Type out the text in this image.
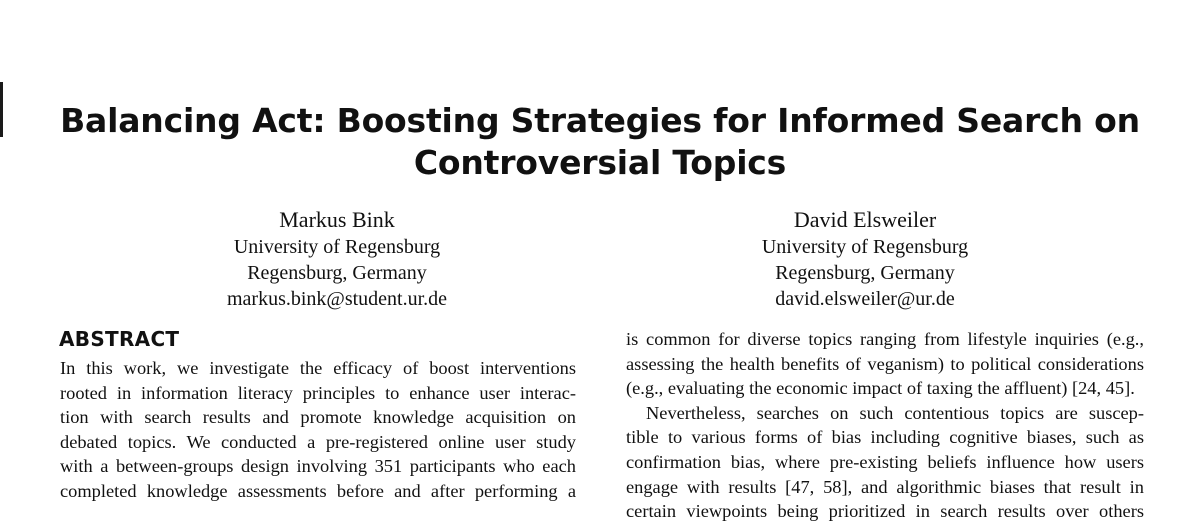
Balancing Act: Boosting Strategies for Informed Search on
Controversial Topics
Markus Bink
University of Regensburg
Regensburg, Germany
markus.bink@student.ur.de
David Elsweiler
University of Regensburg
Regensburg, Germany
david.elsweiler@ur.de
ABSTRACT
In this work, we investigate the efficacy of boost interventions
rooted in information literacy principles to enhance user interac-
tion with search results and promote knowledge acquisition on
debated topics. We conducted a pre-registered online user study
with a between-groups design involving 351 participants who each
completed knowledge assessments before and after performing a
is common for diverse topics ranging from lifestyle inquiries (e.g.,
assessing the health benefits of veganism) to political considerations
(e.g., evaluating the economic impact of taxing the affluent) [24, 45].
Nevertheless, searches on such contentious topics are suscep-
tible to various forms of bias including cognitive biases, such as
confirmation bias, where pre-existing beliefs influence how users
engage with results [47, 58], and algorithmic biases that result in
certain viewpoints being prioritized in search results over others
